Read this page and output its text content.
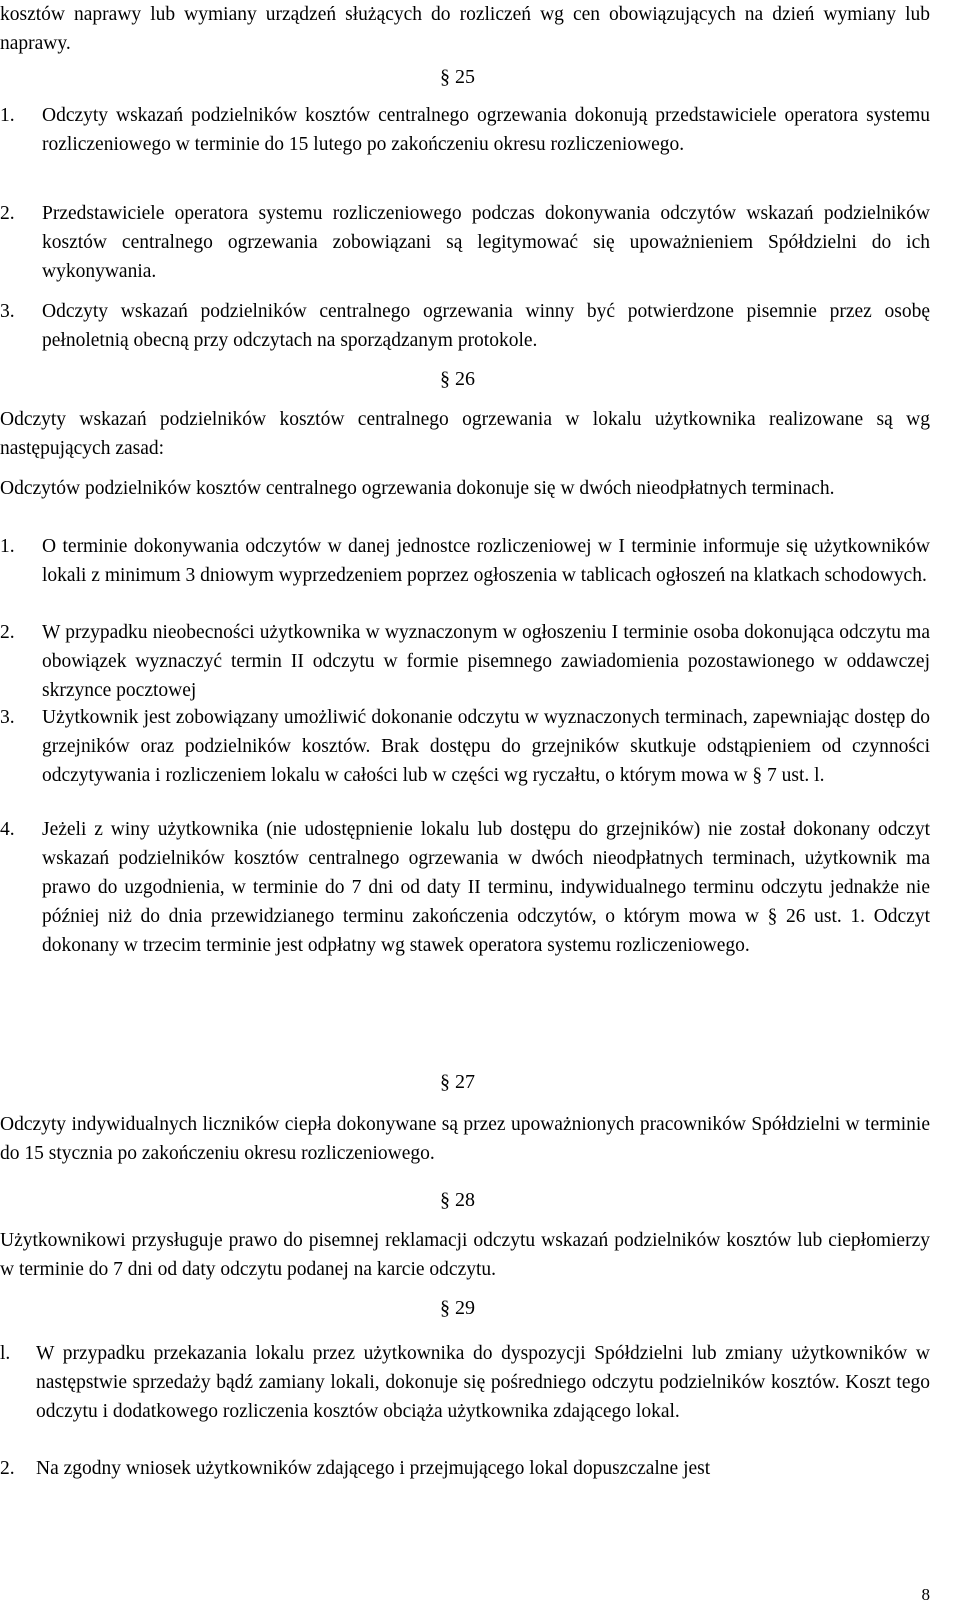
kosztów naprawy lub wymiany urządzeń służących do rozliczeń wg cen obowiązujących na dzień wymiany lub naprawy.

§ 25
1. Odczyty wskazań podzielników kosztów centralnego ogrzewania dokonują przedstawiciele operatora systemu rozliczeniowego w terminie do 15 lutego po zakończeniu okresu rozliczeniowego.
2. Przedstawiciele operatora systemu rozliczeniowego podczas dokonywania odczytów wskazań podzielników kosztów centralnego ogrzewania zobowiązani są legitymować się upoważnieniem Spółdzielni do ich wykonywania.
3. Odczyty wskazań podzielników centralnego ogrzewania winny być potwierdzone pisemnie przez osobę pełnoletnią obecną przy odczytach na sporządzanym protokole.
§ 26

Odczyty wskazań podzielników kosztów centralnego ogrzewania w lokalu użytkownika realizowane są wg następujących zasad:

Odczytów podzielników kosztów centralnego ogrzewania dokonuje się w dwóch nieodpłatnych terminach.

1. O terminie dokonywania odczytów w danej jednostce rozliczeniowej w I terminie informuje się użytkowników lokali z minimum 3 dniowym wyprzedzeniem poprzez ogłoszenia w tablicach ogłoszeń na klatkach schodowych.
2. W przypadku nieobecności użytkownika w wyznaczonym w ogłoszeniu I terminie osoba dokonująca odczytu ma obowiązek wyznaczyć termin II odczytu w formie pisemnego zawiadomienia pozostawionego w oddawczej skrzynce pocztowej
3. Użytkownik jest zobowiązany umożliwić dokonanie odczytu w wyznaczonych terminach, zapewniając dostęp do grzejników oraz podzielników kosztów. Brak dostępu do grzejników skutkuje odstąpieniem od czynności odczytywania i rozliczeniem lokalu w całości lub w części wg ryczałtu, o którym mowa w § 7 ust. l.
4. Jeżeli z winy użytkownika (nie udostępnienie lokalu lub dostępu do grzejników) nie został dokonany odczyt wskazań podzielników kosztów centralnego ogrzewania w dwóch nieodpłatnych terminach, użytkownik ma prawo do uzgodnienia, w terminie do 7 dni od daty II terminu, indywidualnego terminu odczytu jednakże nie później niż do dnia przewidzianego terminu zakończenia odczytów, o którym mowa w § 26 ust. 1. Odczyt dokonany w trzecim terminie jest odpłatny wg stawek operatora systemu rozliczeniowego.
§ 27

Odczyty indywidualnych liczników ciepła dokonywane są przez upoważnionych pracowników Spółdzielni w terminie do 15 stycznia po zakończeniu okresu rozliczeniowego.

§ 28

Użytkownikowi przysługuje prawo do pisemnej reklamacji odczytu wskazań podzielników kosztów lub ciepłomierzy w terminie do 7 dni od daty odczytu podanej na karcie odczytu.

§ 29
l. W przypadku przekazania lokalu przez użytkownika do dyspozycji Spółdzielni lub zmiany użytkowników w następstwie sprzedaży bądź zamiany lokali, dokonuje się pośredniego odczytu podzielników kosztów. Koszt tego odczytu i dodatkowego rozliczenia kosztów obciąża użytkownika zdającego lokal.
2. Na zgodny wniosek użytkowników zdającego i przejmującego lokal dopuszczalne jest
8
